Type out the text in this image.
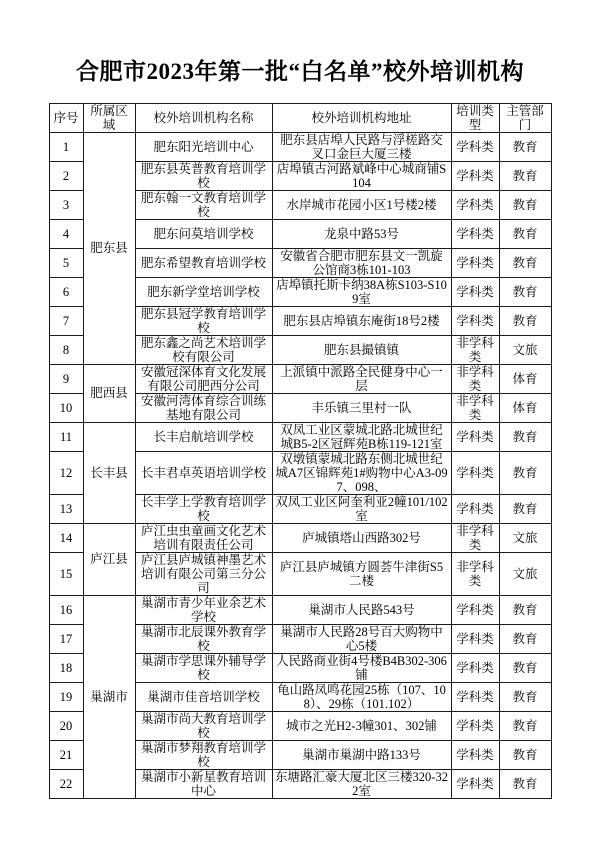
合肥市2023年第一批“白名单”校外培训机构
序号	所属区域	校外培训机构名称	校外培训机构地址	培训类型	主管部门
1	肥东县	肥东阳光培训中心	肥东县店埠人民路与浮槎路交叉口金巨大厦三楼	学科类	教育
2		肥东县英普教育培训学校	店埠镇古河路斌峰中心城商铺S104	学科类	教育
3		肥东翰一文教育培训学校	水岸城市花园小区1号楼2楼	学科类	教育
4		肥东问莫培训学校	龙泉中路53号	学科类	教育
5		肥东希望教育培训学校	安徽省合肥市肥东县文一凯旋公馆商3栋101-103	学科类	教育
6		肥东新学堂培训学校	店埠镇托斯卡纳38A栋S103-S109室	学科类	教育
7		肥东县冠学教育培训学校	肥东县店埠镇东庵街18号2楼	学科类	教育
8		肥东鑫之尚艺术培训学校有限公司	肥东县撮镇镇	非学科类	文旅
9	肥西县	安徽冠深体育文化发展有限公司肥西分公司	上派镇中派路全民健身中心一层	非学科类	体育
10		安徽河湾体育综合训练基地有限公司	丰乐镇三里村一队	非学科类	体育
11	长丰县	长丰启航培训学校	双凤工业区蒙城北路北城世纪城B5-2区冠辉苑B栋119-121室	学科类	教育
12		长丰君卓英语培训学校	双墩镇蒙城北路东侧北城世纪城A7区锦辉苑1#购物中心A3-097、098、	学科类	教育
13		长丰学上学教育培训学校	双凤工业区阿奎利亚2幢101/102室	学科类	教育
14	庐江县	庐江虫虫童画文化艺术培训有限责任公司	庐城镇塔山西路302号	非学科类	文旅
15		庐江县庐城镇神墨艺术培训有限公司第三分公司	庐江县庐城镇方圆荟牛津街S5二楼	非学科类	文旅
16	巢湖市	巢湖市青少年业余艺术学校	巢湖市人民路543号	学科类	教育
17		巢湖市北辰课外教育学校	巢湖市人民路28号百大购物中心5楼	学科类	教育
18		巢湖市学思课外辅导学校	人民路商业街4号楼B4B302-306铺	学科类	教育
19		巢湖市佳音培训学校	龟山路凤鸣花园25栋（107、108）、29栋（101.102）	学科类	教育
20		巢湖市尚大教育培训学校	城市之光H2-3幢301、302铺	学科类	教育
21		巢湖市梦翔教育培训学校	巢湖市巢湖中路133号	学科类	教育
22		巢湖市小新星教育培训中心	东塘路汇豪大厦北区三楼320-322室	学科类	教育
